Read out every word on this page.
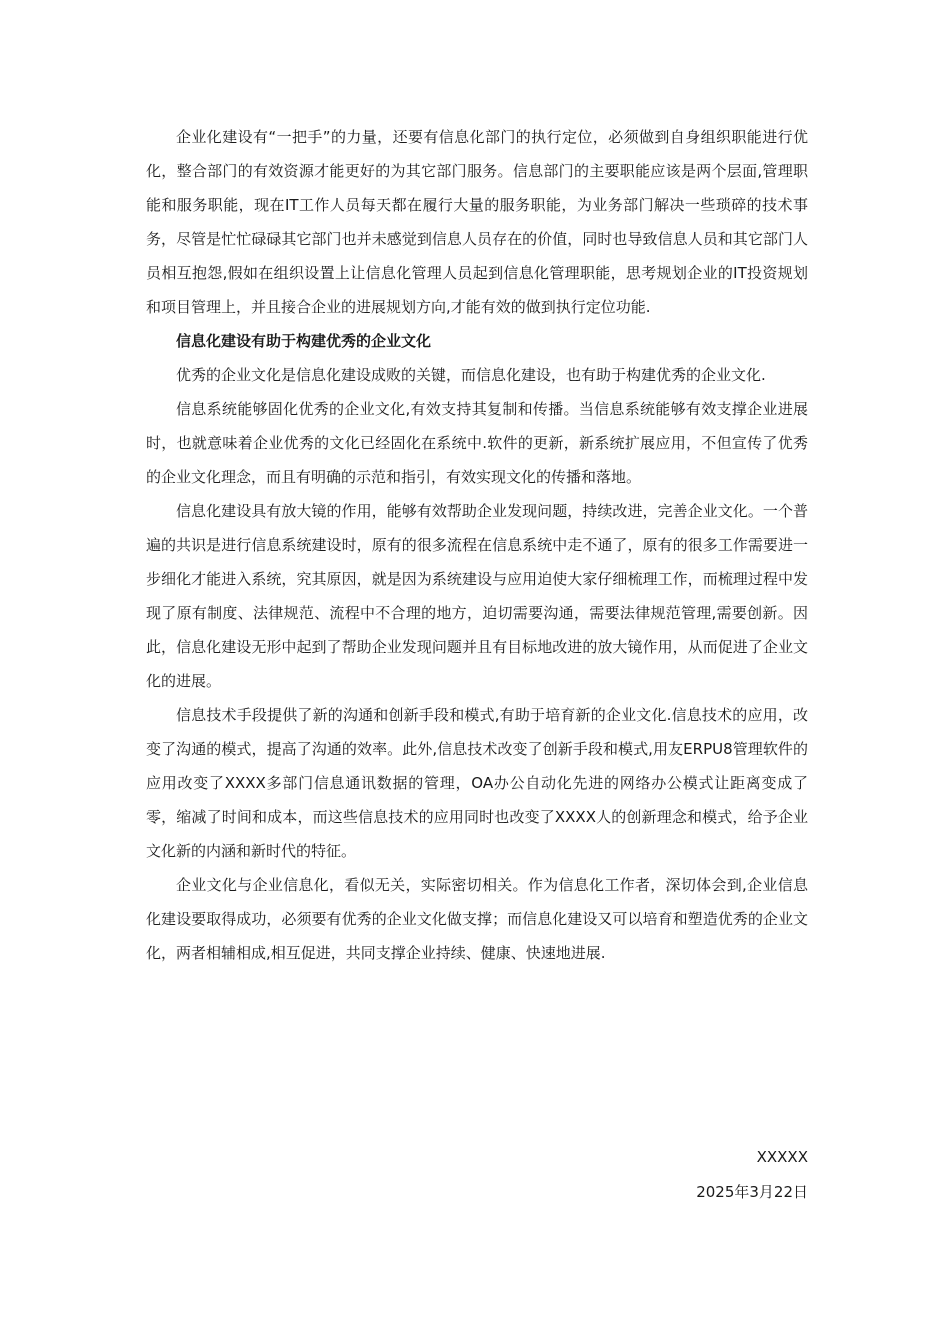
企业化建设有“一把手”的力量，还要有信息化部门的执行定位，必须做到自身组织职能进行优化，整合部门的有效资源才能更好的为其它部门服务。信息部门的主要职能应该是两个层面,管理职能和服务职能，现在IT工作人员每天都在履行大量的服务职能，为业务部门解决一些琐碎的技术事务，尽管是忙忙碌碌其它部门也并未感觉到信息人员存在的价值，同时也导致信息人员和其它部门人员相互抱怨,假如在组织设置上让信息化管理人员起到信息化管理职能，思考规划企业的IT投资规划和项目管理上，并且接合企业的进展规划方向,才能有效的做到执行定位功能.

信息化建设有助于构建优秀的企业文化

优秀的企业文化是信息化建设成败的关键，而信息化建设，也有助于构建优秀的企业文化.

信息系统能够固化优秀的企业文化,有效支持其复制和传播。当信息系统能够有效支撑企业进展时，也就意味着企业优秀的文化已经固化在系统中.软件的更新，新系统扩展应用，不但宣传了优秀的企业文化理念，而且有明确的示范和指引，有效实现文化的传播和落地。

信息化建设具有放大镜的作用，能够有效帮助企业发现问题，持续改进，完善企业文化。一个普遍的共识是进行信息系统建设时，原有的很多流程在信息系统中走不通了，原有的很多工作需要进一步细化才能进入系统，究其原因，就是因为系统建设与应用迫使大家仔细梳理工作，而梳理过程中发现了原有制度、法律规范、流程中不合理的地方，迫切需要沟通，需要法律规范管理,需要创新。因此，信息化建设无形中起到了帮助企业发现问题并且有目标地改进的放大镜作用，从而促进了企业文化的进展。

信息技术手段提供了新的沟通和创新手段和模式,有助于培育新的企业文化.信息技术的应用，改变了沟通的模式，提高了沟通的效率。此外,信息技术改变了创新手段和模式,用友ERPU8管理软件的应用改变了XXXX多部门信息通讯数据的管理，OA办公自动化先进的网络办公模式让距离变成了零，缩减了时间和成本，而这些信息技术的应用同时也改变了XXXX人的创新理念和模式，给予企业文化新的内涵和新时代的特征。

企业文化与企业信息化，看似无关，实际密切相关。作为信息化工作者，深切体会到,企业信息化建设要取得成功，必须要有优秀的企业文化做支撑；而信息化建设又可以培育和塑造优秀的企业文化，两者相辅相成,相互促进，共同支撑企业持续、健康、快速地进展.

XXXXX

2025年3月22日
